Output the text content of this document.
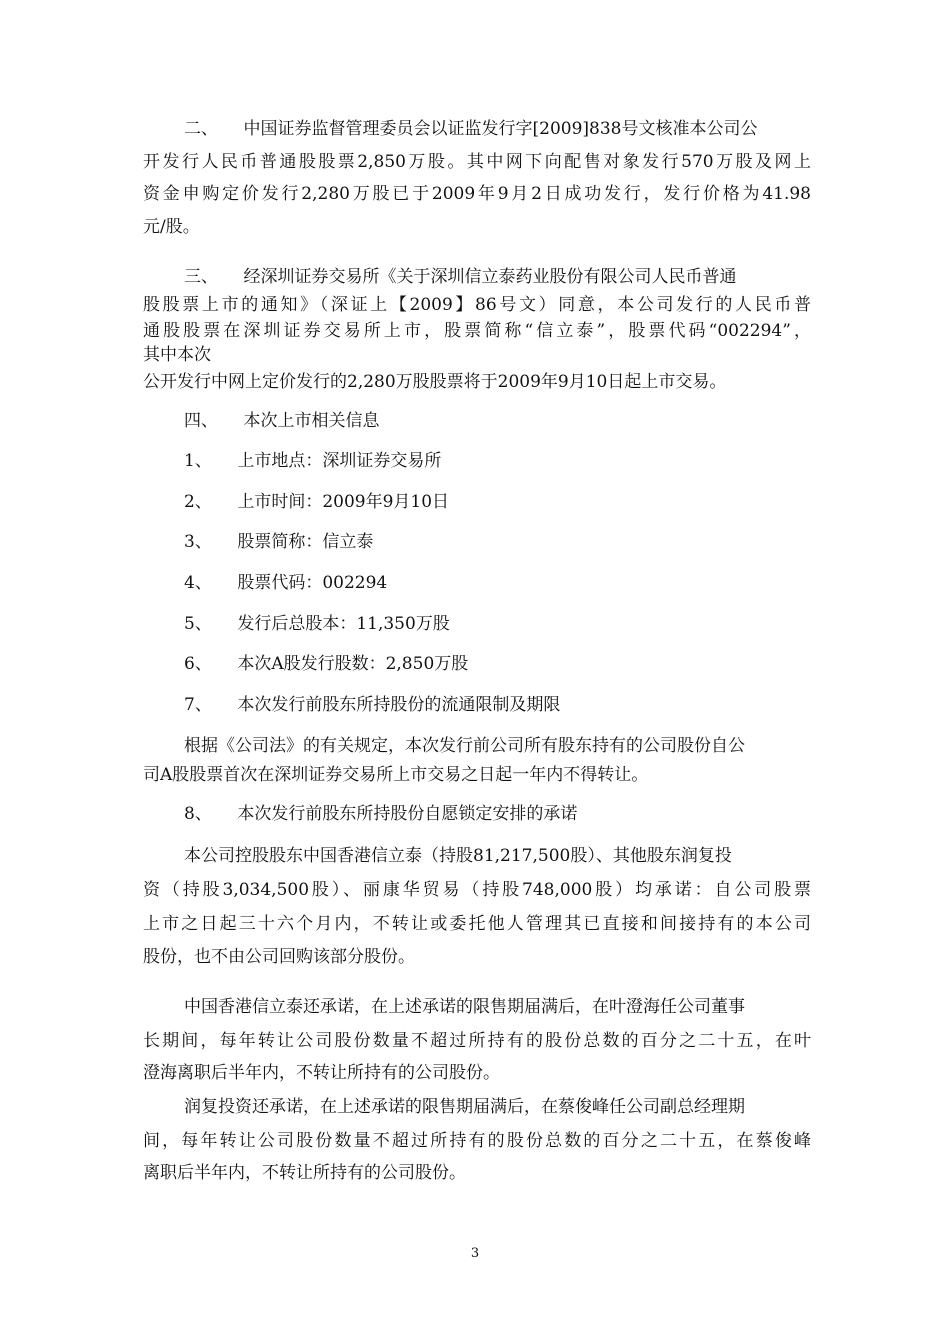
二、　　中国证券监督管理委员会以证监发行字[2009]838号文核准本公司公
开发行人民币普通股股票2,850万股。其中网下向配售对象发行570万股及网上
资金申购定价发行2,280万股已于2009年9月2日成功发行，发行价格为41.98
元/股。
三、　　经深圳证券交易所《关于深圳信立泰药业股份有限公司人民币普通
股股票上市的通知》（深证上【2009】86号文）同意，本公司发行的人民币普
通股股票在深圳证券交易所上市，股票简称“信立泰”，股票代码“002294”，
其中本次
公开发行中网上定价发行的2,280万股股票将于2009年9月10日起上市交易。
四、　　本次上市相关信息
1、　　上市地点：深圳证券交易所
2、　　上市时间：2009年9月10日
3、　　股票简称：信立泰
4、　　股票代码：002294
5、　　发行后总股本：11,350万股
6、　　本次A股发行股数：2,850万股
7、　　本次发行前股东所持股份的流通限制及期限
根据《公司法》的有关规定，本次发行前公司所有股东持有的公司股份自公
司A股股票首次在深圳证券交易所上市交易之日起一年内不得转让。
8、　　本次发行前股东所持股份自愿锁定安排的承诺
本公司控股股东中国香港信立泰（持股81,217,500股）、其他股东润复投
资（持股3,034,500股）、丽康华贸易（持股748,000股）均承诺：自公司股票
上市之日起三十六个月内，不转让或委托他人管理其已直接和间接持有的本公司
股份，也不由公司回购该部分股份。
中国香港信立泰还承诺，在上述承诺的限售期届满后，在叶澄海任公司董事
长期间，每年转让公司股份数量不超过所持有的股份总数的百分之二十五，在叶
澄海离职后半年内，不转让所持有的公司股份。
润复投资还承诺，在上述承诺的限售期届满后，在蔡俊峰任公司副总经理期
间，每年转让公司股份数量不超过所持有的股份总数的百分之二十五，在蔡俊峰
离职后半年内，不转让所持有的公司股份。
3
